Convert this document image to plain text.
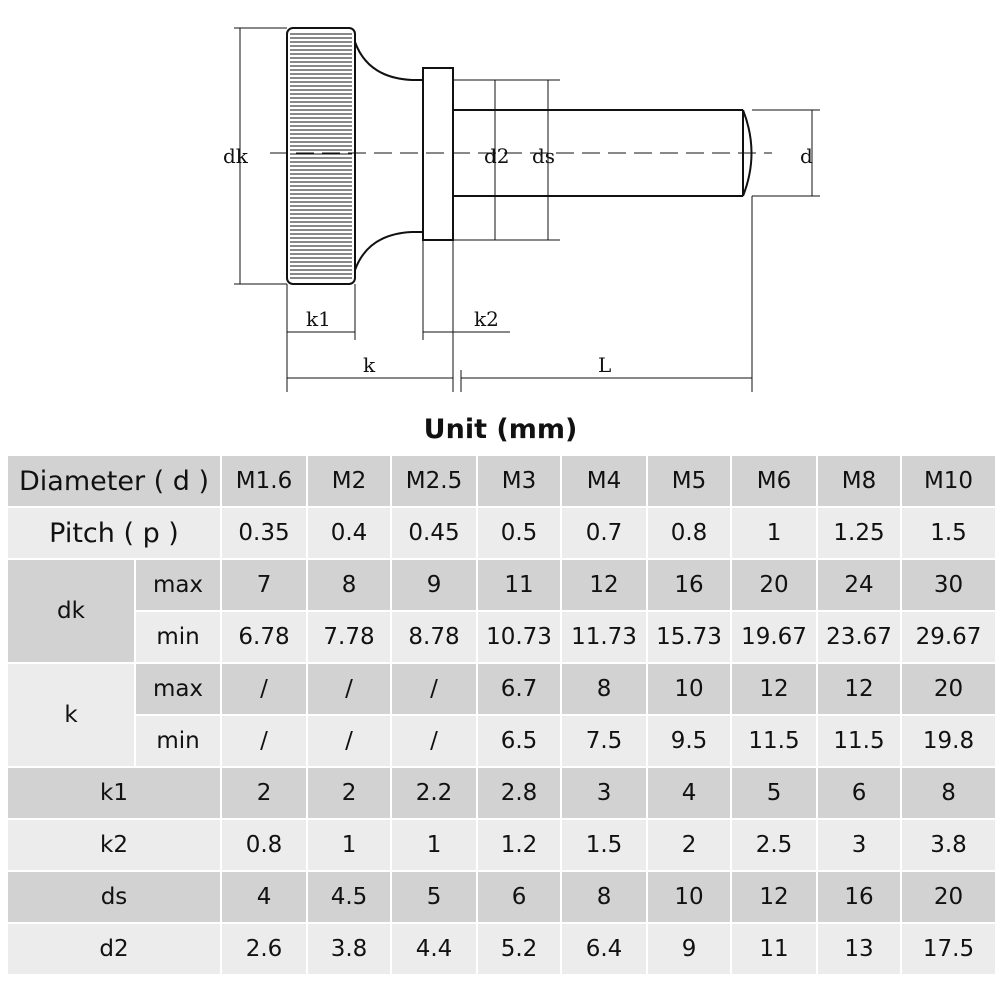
dk	d2 ds	d
k1	k2
k	L
Unit (mm)
Diameter ( d )		M1.6	M2	M2.5	M3	M4	M5	M6	M8	M10
Pitch ( p )		0.35	0.4	0.45	0.5	0.7	0.8	1	1.25	1.5
dk	max	7	8	9	11	12	16	20	24	30
	min	6.78	7.78	8.78	10.73	11.73	15.73	19.67	23.67	29.67
k	max	/	/	/	6.7	8	10	12	12	20
	min	/	/	/	6.5	7.5	9.5	11.5	11.5	19.8
k1		2	2	2.2	2.8	3	4	5	6	8
k2		0.8	1	1	1.2	1.5	2	2.5	3	3.8
ds		4	4.5	5	6	8	10	12	16	20
d2		2.6	3.8	4.4	5.2	6.4	9	11	13	17.5
